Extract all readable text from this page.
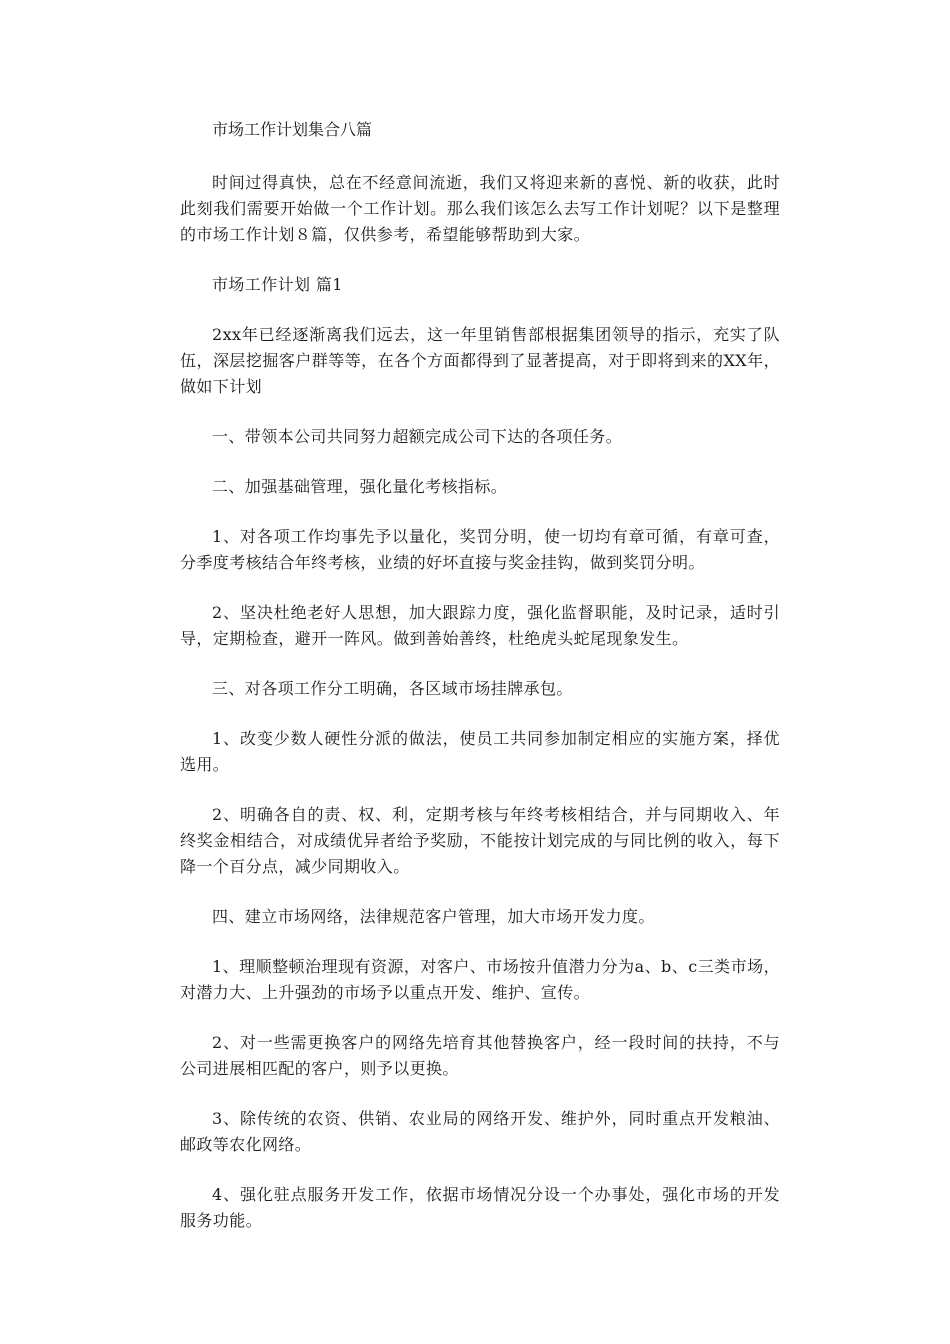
市场工作计划集合八篇
时间过得真快，总在不经意间流逝，我们又将迎来新的喜悦、新的收获，此时此刻我们需要开始做一个工作计划。那么我们该怎么去写工作计划呢？以下是整理的市场工作计划８篇，仅供参考，希望能够帮助到大家。
市场工作计划 篇1
2xx年已经逐渐离我们远去，这一年里销售部根据集团领导的指示，充实了队伍，深层挖掘客户群等等，在各个方面都得到了显著提高，对于即将到来的XX年，做如下计划
一、带领本公司共同努力超额完成公司下达的各项任务。
二、加强基础管理，强化量化考核指标。
1、对各项工作均事先予以量化，奖罚分明，使一切均有章可循，有章可查，分季度考核结合年终考核，业绩的好坏直接与奖金挂钩，做到奖罚分明。
2、坚决杜绝老好人思想，加大跟踪力度，强化监督职能，及时记录，适时引导，定期检查，避开一阵风。做到善始善终，杜绝虎头蛇尾现象发生。
三、对各项工作分工明确，各区域市场挂牌承包。
1、改变少数人硬性分派的做法，使员工共同参加制定相应的实施方案，择优选用。
2、明确各自的责、权、利，定期考核与年终考核相结合，并与同期收入、年终奖金相结合，对成绩优异者给予奖励，不能按计划完成的与同比例的收入，每下降一个百分点，减少同期收入。
四、建立市场网络，法律规范客户管理，加大市场开发力度。
1、理顺整顿治理现有资源，对客户、市场按升值潜力分为a、b、c三类市场，对潜力大、上升强劲的市场予以重点开发、维护、宣传。
2、对一些需更换客户的网络先培育其他替换客户，经一段时间的扶持，不与公司进展相匹配的客户，则予以更换。
3、除传统的农资、供销、农业局的网络开发、维护外，同时重点开发粮油、邮政等农化网络。
4、强化驻点服务开发工作，依据市场情况分设一个办事处，强化市场的开发服务功能。
